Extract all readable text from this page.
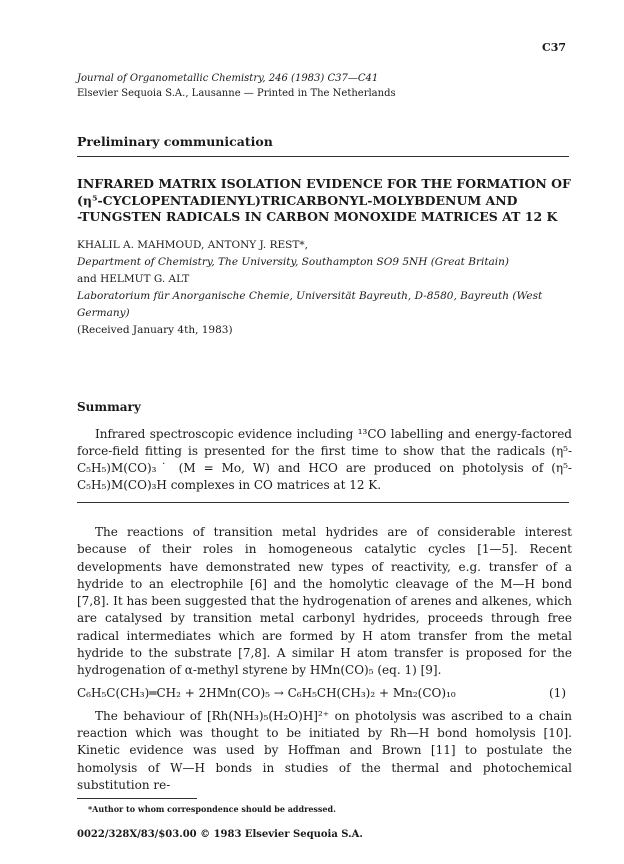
C37
Journal of Organometallic Chemistry, 246 (1983) C37—C41
Elsevier Sequoia S.A., Lausanne — Printed in The Netherlands
Preliminary communication
INFRARED MATRIX ISOLATION EVIDENCE FOR THE FORMATION OF
(η⁵-CYCLOPENTADIENYL)TRICARBONYL-MOLYBDENUM AND
-TUNGSTEN RADICALS IN CARBON MONOXIDE MATRICES AT 12 K
KHALIL A. MAHMOUD, ANTONY J. REST*,
Department of Chemistry, The University, Southampton SO9 5NH (Great Britain)
and HELMUT G. ALT
Laboratorium für Anorganische Chemie, Universität Bayreuth, D-8580, Bayreuth (West
Germany)
(Received January 4th, 1983)
Summary

Infrared spectroscopic evidence including ¹³CO labelling and energy-factored force-field fitting is presented for the first time to show that the radicals (η⁵-C₅H₅)M(CO)₃˙ (M = Mo, W) and HCO are produced on photolysis of (η⁵-C₅H₅)M(CO)₃H complexes in CO matrices at 12 K.

The reactions of transition metal hydrides are of considerable interest because of their roles in homogeneous catalytic cycles [1—5]. Recent developments have demonstrated new types of reactivity, e.g. transfer of a hydride to an electrophile [6] and the homolytic cleavage of the M—H bond [7,8]. It has been suggested that the hydrogenation of arenes and alkenes, which are catalysed by transition metal carbonyl hydrides, proceeds through free radical intermediates which are formed by H atom transfer from the metal hydride to the substrate [7,8]. A similar H atom transfer is proposed for the hydrogenation of α-methyl styrene by HMn(CO)₅ (eq. 1) [9].

C₆H₅C(CH₃)═CH₂ + 2HMn(CO)₅ → C₆H₅CH(CH₃)₂ + Mn₂(CO)₁₀	(1)

The behaviour of [Rh(NH₃)₅(H₂O)H]²⁺ on photolysis was ascribed to a chain reaction which was thought to be initiated by Rh—H bond homolysis [10]. Kinetic evidence was used by Hoffman and Brown [11] to postulate the homolysis of W—H bonds in studies of the thermal and photochemical substitution re-

*Author to whom correspondence should be addressed.
0022/328X/83/$03.00 © 1983 Elsevier Sequoia S.A.
